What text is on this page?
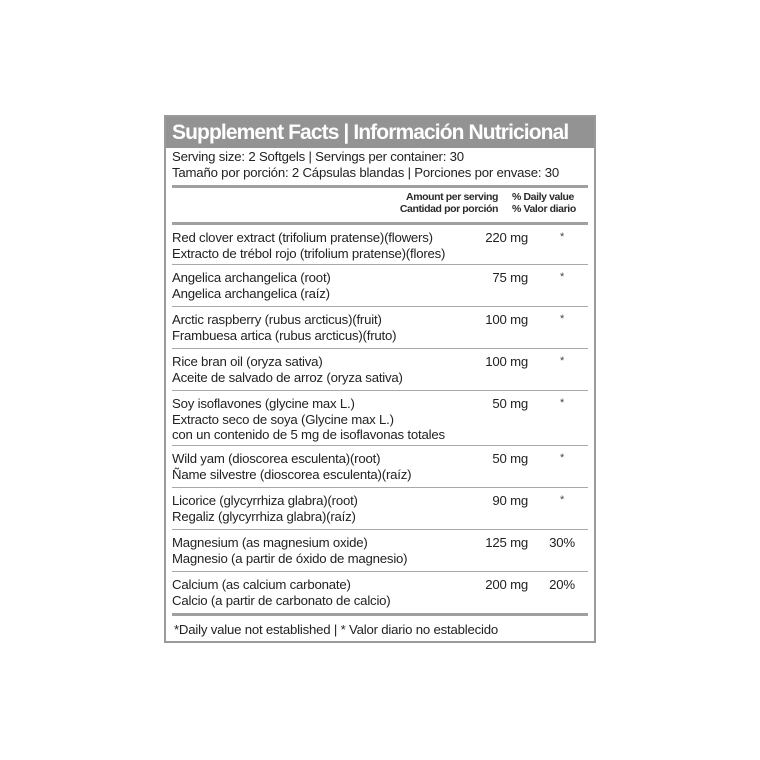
Supplement Facts | Información Nutricional
Serving size: 2 Softgels | Servings per container: 30
Tamaño por porción: 2 Cápsulas blandas | Porciones por envase: 30
Amount per serving
Cantidad por porción
% Daily value
% Valor diario
Red clover extract (trifolium pratense)(flowers)
Extracto de trébol rojo (trifolium pratense)(flores)
220 mg	*
Angelica archangelica (root)
Angelica archangelica (raíz)
75 mg	*
Arctic raspberry (rubus arcticus)(fruit)
Frambuesa artica (rubus arcticus)(fruto)
100 mg	*
Rice bran oil (oryza sativa)
Aceite de salvado de arroz (oryza sativa)
100 mg	*
Soy isoflavones (glycine max L.)
Extracto seco de soya (Glycine max L.)
con un contenido de 5 mg de isoflavonas totales
50 mg	*
Wild yam (dioscorea esculenta)(root)
Ñame silvestre (dioscorea esculenta)(raíz)
50 mg	*
Licorice (glycyrrhiza glabra)(root)
Regaliz (glycyrrhiza glabra)(raíz)
90 mg	*
Magnesium (as magnesium oxide)
Magnesio (a partir de óxido de magnesio)
125 mg	30%
Calcium (as calcium carbonate)
Calcio (a partir de carbonato de calcio)
200 mg	20%
*Daily value not established | * Valor diario no establecido
